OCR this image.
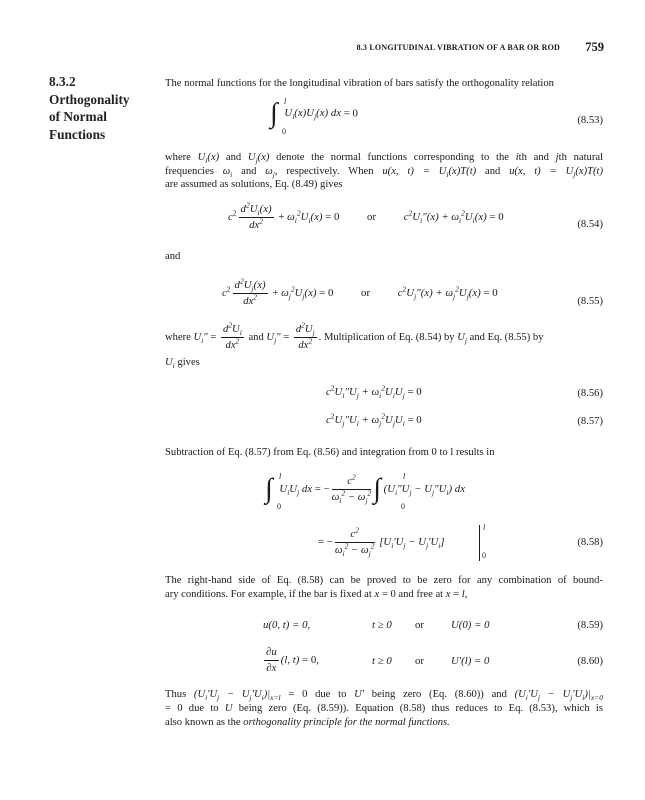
8.3 LONGITUDINAL VIBRATION OF A BAR OR ROD 759
8.3.2
Orthogonality
of Normal
Functions
The normal functions for the longitudinal vibration of bars satisfy the orthogonality relation
∫ $U_i(x)U_j(x)$ dx = 0
l
0
(8.53)
where $U_i(x)$ and $U_j(x)$ denote the normal functions corresponding to the ith and jth natural
frequencies $\omega_i$ and $\omega_j$, respectively. When u(x, $t) = U_i(x)T(t)$ and u(x, $t) = U_j(x)T(t)$
are assumed as solutions, Eq. (8.49) gives
$c^2 \frac{d^2U_i(x)}{dx^2} + \omega_i^2U_i(x) = 0$ or	$c^2U_i''(x) + \omega_i^2U_i(x) = 0$
(8.54)
and
$c^2 \frac{d^2U_j(x)}{dx^2} + \omega_j^2U_j(x) = 0$ or	$c^2U_j''(x) + \omega_j^2U_j(x) = 0$
(8.55)
where $U_i'' = \frac{d^2U_i}{dx^2}$ and $U_j'' = \frac{d^2U_j}{dx^2}$ . Multiplication of Eq. (8.54) by $U_j$ and Eq. (8.55) by
$U_i$ gives
$c^2U_i''U_j + \omega_i^2U_iU_j = 0$	(8.56)
$c^2U_j''U_i + \omega_j^2U_jU_i = 0$	(8.57)
Subtraction of Eq. (8.57) from Eq. (8.56) and integration from 0 to l results in
∫ $U_iU_j$ dx = − $\frac{c^2}{\omega_i^2 - \omega_j^2}$ ∫ $(U_i''U_j - U_j''U_i)$ dx
l
0
l
0
= − $\frac{c^2}{\omega_i^2 - \omega_j^2} [U_i'U_j - U_j'U_i]$
l
0
(8.58)
The right-hand side of Eq. (8.58) can be proved to be zero for any combination of bound-
ary conditions. For example, if the bar is fixed at x = 0 and free at x = l,
u(0, t) = 0,	t ≥ 0 or	U(0) = 0	(8.59)
$\frac{\partial u}{\partial x} (l$, t) = 0,	t ≥ 0 or	U′(l) = 0	(8.60)
Thus $(U_i'U_j - U_j'U_i)|_{x=l} = 0$ due to U′ being zero (Eq. (8.60)) and $(U_i'U_j - U_j'U_i)|_{x=0}$
= 0 due to U being zero (Eq. (8.59)). Equation (8.58) thus reduces to Eq. (8.53), which is
also known as the orthogonality principle for the normal functions.
